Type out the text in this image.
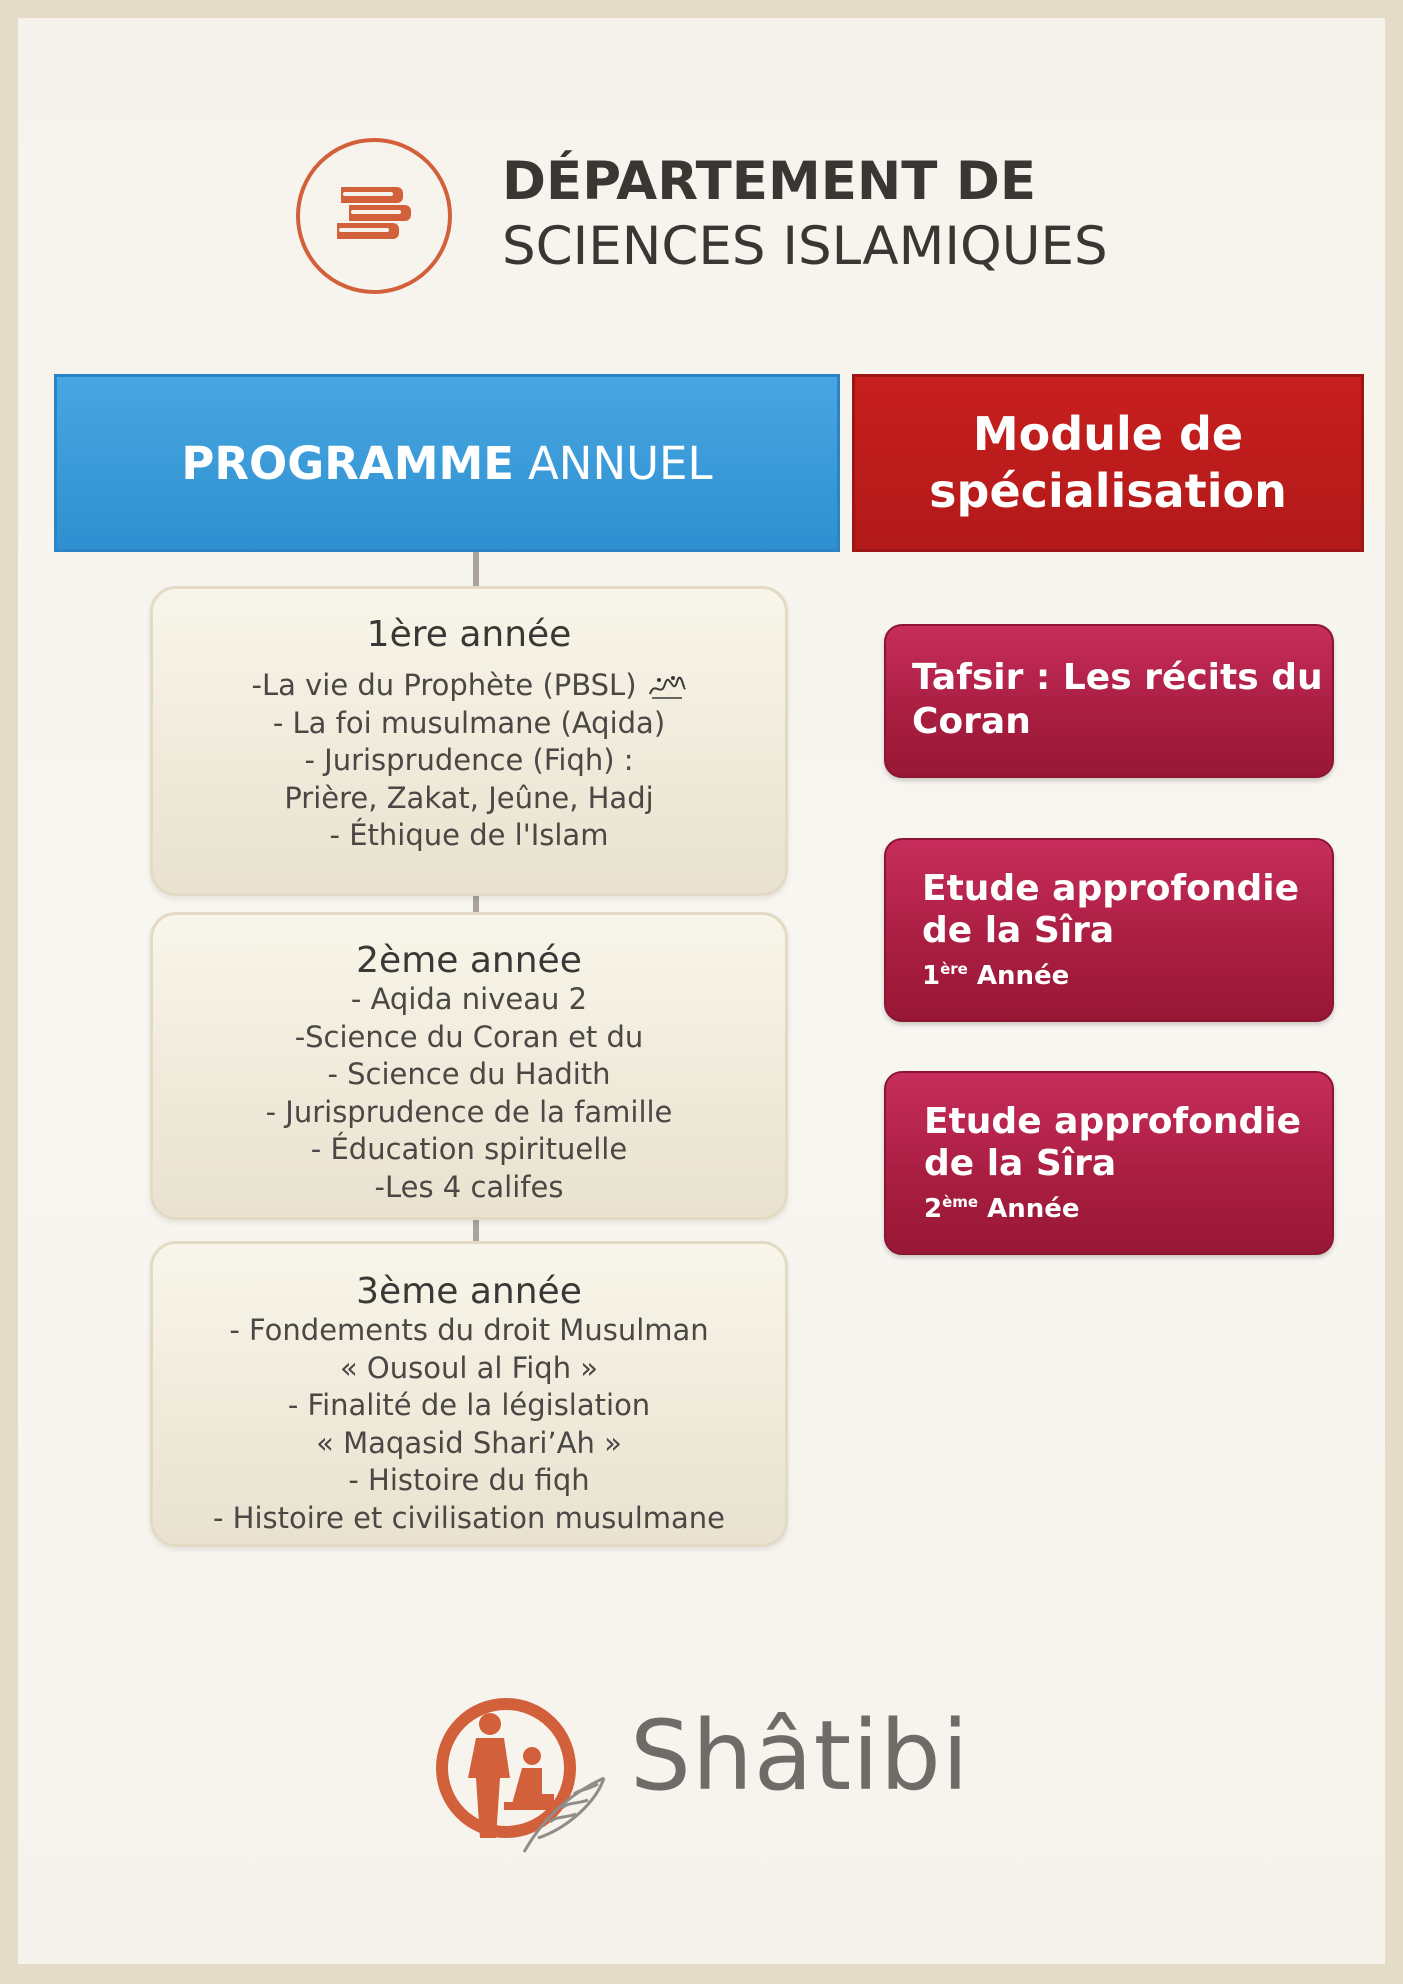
DÉPARTEMENT DE
SCIENCES ISLAMIQUES
PROGRAMME ANNUEL
Module de
spécialisation
1ère année
-La vie du Prophète (PBSL)
- La foi musulmane (Aqida)
- Jurisprudence (Fiqh) :
Prière, Zakat, Jeûne, Hadj
- Éthique de l'Islam
2ème année
- Aqida niveau 2
-Science du Coran et du
- Science du Hadith
- Jurisprudence de la famille
- Éducation spirituelle
-Les 4 califes
3ème année
- Fondements du droit Musulman
« Ousoul al Fiqh »
- Finalité de la législation
« Maqasid Shari’Ah »
- Histoire du fiqh
- Histoire et civilisation musulmane
Tafsir : Les récits du
Coran
Etude approfondie
de la Sîra
1ère Année
Etude approfondie
de la Sîra
2ème Année
Shâtibi
